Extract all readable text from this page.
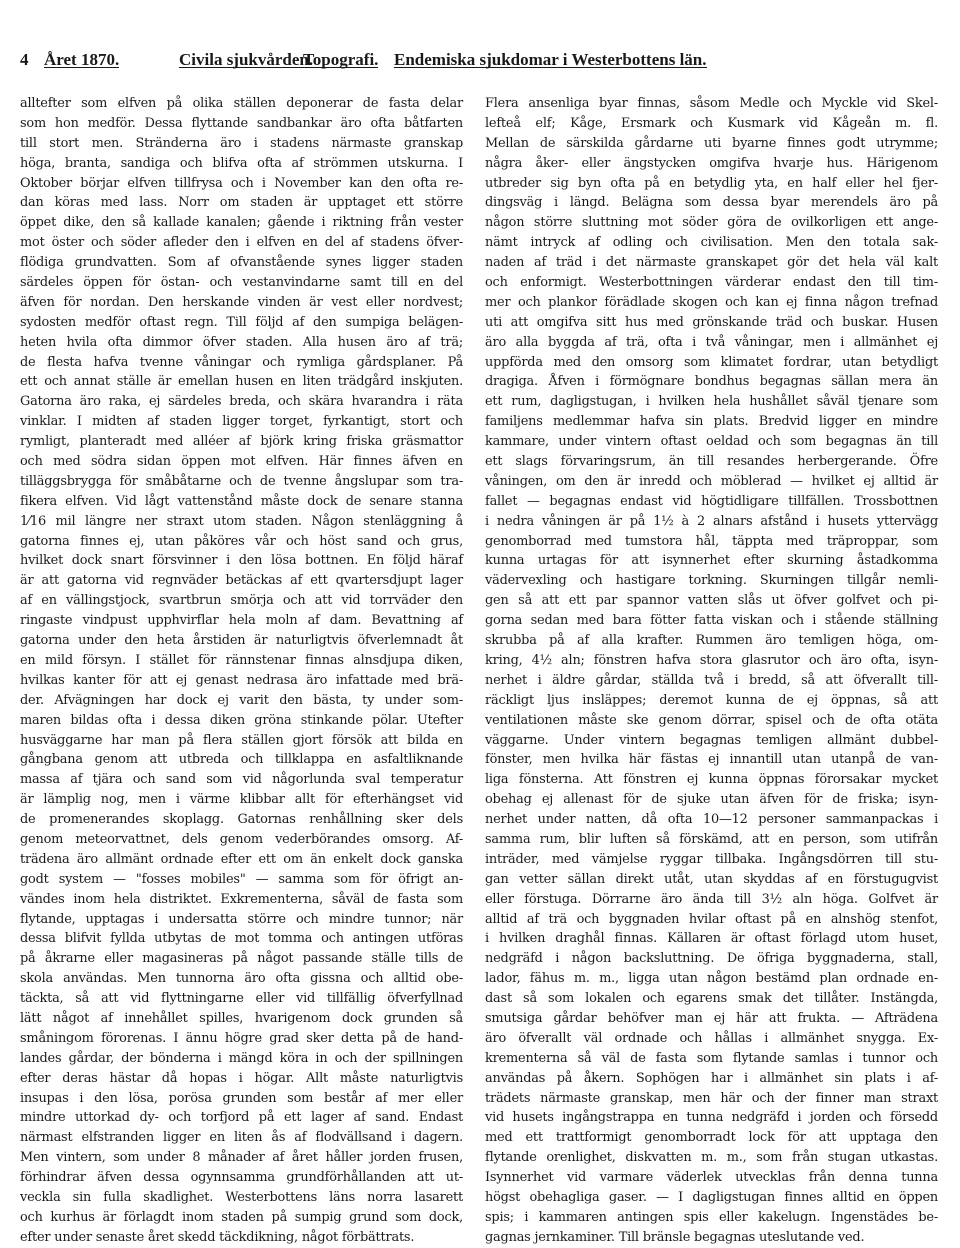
4 Året 1870.	Civila sjukvården.
Topografi. Endemiska sjukdomar i Westerbottens län.
alltefter som elfven på olika ställen deponerar de fasta delar
som hon medför. Dessa flyttande sandbankar äro ofta båtfarten
till stort men. Stränderna äro i stadens närmaste granskap
höga, branta, sandiga och blifva ofta af strömmen utskurna. I
Oktober börjar elfven tillfrysa och i November kan den ofta re-
dan köras med lass. Norr om staden är upptaget ett större
öppet dike, den så kallade kanalen; gående i riktning från vester
mot öster och söder afleder den i elfven en del af stadens öfver-
flödiga grundvatten. Som af ofvanstående synes ligger staden
särdeles öppen för östan- och vestanvindarne samt till en del
äfven för nordan. Den herskande vinden är vest eller nordvest;
sydosten medför oftast regn. Till följd af den sumpiga belägen-
heten hvila ofta dimmor öfver staden. Alla husen äro af trä;
de flesta hafva tvenne våningar och rymliga gårdsplaner. På
ett och annat ställe är emellan husen en liten trädgård inskjuten.
Gatorna äro raka, ej särdeles breda, och skära hvarandra i räta
vinklar. I midten af staden ligger torget, fyrkantigt, stort och
rymligt, planteradt med alléer af björk kring friska gräsmattor
och med södra sidan öppen mot elfven. Här finnes äfven en
tilläggsbrygga för småbåtarne och de tvenne ångslupar som tra-
fikera elfven. Vid lågt vattenstånd måste dock de senare stanna
1⁄16 mil längre ner straxt utom staden. Någon stenläggning å
gatorna finnes ej, utan påköres vår och höst sand och grus,
hvilket dock snart försvinner i den lösa bottnen. En följd häraf
är att gatorna vid regnväder betäckas af ett qvartersdjupt lager
af en vällingstjock, svartbrun smörja och att vid torrväder den
ringaste vindpust upphvirflar hela moln af dam. Bevattning af
gatorna under den heta årstiden är naturligtvis öfverlemnadt åt
en mild försyn. I stället för rännstenar finnas alnsdjupa diken,
hvilkas kanter för att ej genast nedrasa äro infattade med brä-
der. Afvägningen har dock ej varit den bästa, ty under som-
maren bildas ofta i dessa diken gröna stinkande pölar. Utefter
husväggarne har man på flera ställen gjort försök att bilda en
gångbana genom att utbreda och tillklappa en asfaltliknande
massa af tjära och sand som vid någorlunda sval temperatur
är lämplig nog, men i värme klibbar allt för efterhängset vid
de promenerandes skoplagg. Gatornas renhållning sker dels
genom meteorvattnet, dels genom vederbörandes omsorg. Af-
trädena äro allmänt ordnade efter ett om än enkelt dock ganska
godt system — "fosses mobiles" — samma som för öfrigt an-
vändes inom hela distriktet. Exkrementerna, såväl de fasta som
flytande, upptagas i undersatta större och mindre tunnor; när
dessa blifvit fyllda utbytas de mot tomma och antingen utföras
på åkrarne eller magasineras på något passande ställe tills de
skola användas. Men tunnorna äro ofta gissna och alltid obe-
täckta, så att vid flyttningarne eller vid tillfällig öfverfyllnad
lätt något af innehållet spilles, hvarigenom dock grunden så
småningom förorenas. I ännu högre grad sker detta på de hand-
landes gårdar, der bönderna i mängd köra in och der spillningen
efter deras hästar då hopas i högar. Allt måste naturligtvis
insupas i den lösa, porösa grunden som består af mer eller
mindre uttorkad dy- och torfjord på ett lager af sand. Endast
närmast elfstranden ligger en liten ås af flodvällsand i dagern.
Men vintern, som under 8 månader af året håller jorden frusen,
förhindrar äfven dessa ogynnsamma grundförhållanden att ut-
veckla sin fulla skadlighet. Westerbottens läns norra lasarett
och kurhus är förlagdt inom staden på sumpig grund som dock,
efter under senaste året skedd täckdikning, något förbättrats.
Flera ansenliga byar finnas, såsom Medle och Myckle vid Skel-
lefteå elf; Kåge, Ersmark och Kusmark vid Kågeån m. fl.
Mellan de särskilda gårdarne uti byarne finnes godt utrymme;
några åker- eller ängstycken omgifva hvarje hus. Härigenom
utbreder sig byn ofta på en betydlig yta, en half eller hel fjer-
dingsväg i längd. Belägna som dessa byar merendels äro på
någon större sluttning mot söder göra de ovilkorligen ett ange-
nämt intryck af odling och civilisation. Men den totala sak-
naden af träd i det närmaste granskapet gör det hela väl kalt
och enformigt. Westerbottningen värderar endast den till tim-
mer och plankor förädlade skogen och kan ej finna någon trefnad
uti att omgifva sitt hus med grönskande träd och buskar. Husen
äro alla byggda af trä, ofta i två våningar, men i allmänhet ej
uppförda med den omsorg som klimatet fordrar, utan betydligt
dragiga. Åfven i förmögnare bondhus begagnas sällan mera än
ett rum, dagligstugan, i hvilken hela hushållet såväl tjenare som
familjens medlemmar hafva sin plats. Bredvid ligger en mindre
kammare, under vintern oftast oeldad och som begagnas än till
ett slags förvaringsrum, än till resandes herbergerande. Öfre
våningen, om den är inredd och möblerad — hvilket ej alltid är
fallet — begagnas endast vid högtidligare tillfällen. Trossbottnen
i nedra våningen är på 1½ à 2 alnars afstånd i husets yttervägg
genomborrad med tumstora hål, täppta med träproppar, som
kunna urtagas för att isynnerhet efter skurning åstadkomma
vädervexling och hastigare torkning. Skurningen tillgår nemli-
gen så att ett par spannor vatten slås ut öfver golfvet och pi-
gorna sedan med bara fötter fatta viskan och i stående ställning
skrubba på af alla krafter. Rummen äro temligen höga, om-
kring, 4½ aln; fönstren hafva stora glasrutor och äro ofta, isyn-
nerhet i äldre gårdar, ställda två i bredd, så att öfverallt till-
räckligt ljus insläppes; deremot kunna de ej öppnas, så att
ventilationen måste ske genom dörrar, spisel och de ofta otäta
väggarne. Under vintern begagnas temligen allmänt dubbel-
fönster, men hvilka här fästas ej innantill utan utanpå de van-
liga fönsterna. Att fönstren ej kunna öppnas förorsakar mycket
obehag ej allenast för de sjuke utan äfven för de friska; isyn-
nerhet under natten, då ofta 10—12 personer sammanpackas i
samma rum, blir luften så förskämd, att en person, som utifrån
inträder, med vämjelse ryggar tillbaka. Ingångsdörren till stu-
gan vetter sällan direkt utåt, utan skyddas af en förstugugvist
eller förstuga. Dörrarne äro ända till 3½ aln höga. Golfvet är
alltid af trä och byggnaden hvilar oftast på en alnshög stenfot,
i hvilken draghål finnas. Källaren är oftast förlagd utom huset,
nedgräfd i någon backsluttning. De öfriga byggnaderna, stall,
lador, fähus m. m., ligga utan någon bestämd plan ordnade en-
dast så som lokalen och egarens smak det tillåter. Instängda,
smutsiga gårdar behöfver man ej här att frukta. — Afträdena
äro öfverallt väl ordnade och hållas i allmänhet snygga. Ex-
krementerna så väl de fasta som flytande samlas i tunnor och
användas på åkern. Sophögen har i allmänhet sin plats i af-
trädets närmaste granskap, men här och der finner man straxt
vid husets ingångstrappa en tunna nedgräfd i jorden och försedd
med ett trattformigt genomborradt lock för att upptaga den
flytande orenlighet, diskvatten m. m., som från stugan utkastas.
Isynnerhet vid varmare väderlek utvecklas från denna tunna
högst obehagliga gaser. — I dagligstugan finnes alltid en öppen
spis; i kammaren antingen spis eller kakelugn. Ingenstädes be-
gagnas jernkaminer. Till bränsle begagnas uteslutande ved.
